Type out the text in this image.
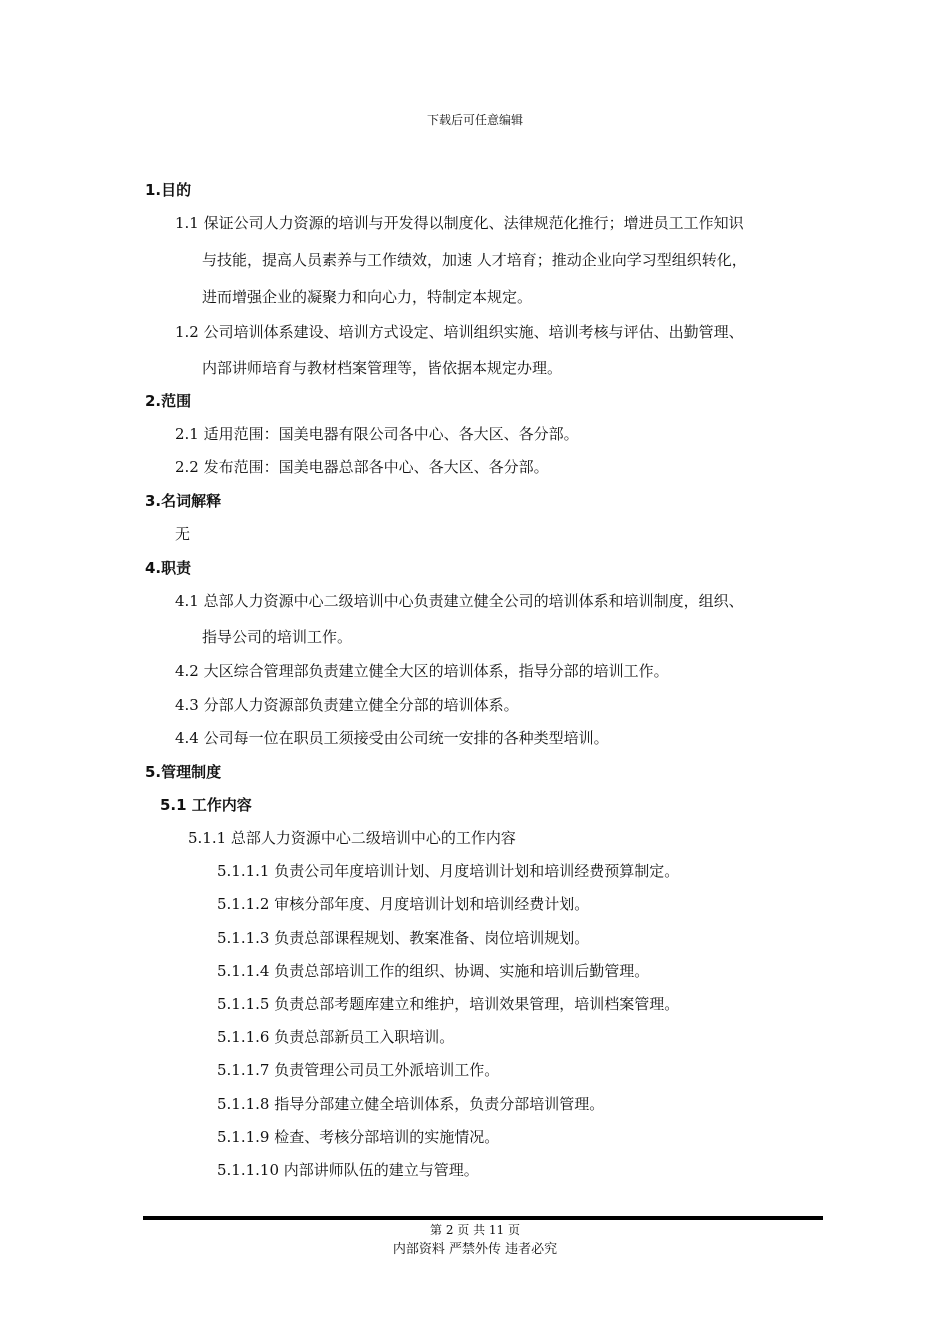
下载后可任意编辑
1.目的
1.1 保证公司人力资源的培训与开发得以制度化、法律规范化推行；增进员工工作知识
与技能，提高人员素养与工作绩效，加速 人才培育；推动企业向学习型组织转化，
进而增强企业的凝聚力和向心力，特制定本规定。
1.2 公司培训体系建设、培训方式设定、培训组织实施、培训考核与评估、出勤管理、
内部讲师培育与教材档案管理等，皆依据本规定办理。
2.范围
2.1 适用范围：国美电器有限公司各中心、各大区、各分部。
2.2 发布范围：国美电器总部各中心、各大区、各分部。
3.名词解释
无
4.职责
4.1 总部人力资源中心二级培训中心负责建立健全公司的培训体系和培训制度，组织、
指导公司的培训工作。
4.2 大区综合管理部负责建立健全大区的培训体系，指导分部的培训工作。
4.3 分部人力资源部负责建立健全分部的培训体系。
4.4 公司每一位在职员工须接受由公司统一安排的各种类型培训。
5.管理制度
5.1 工作内容
5.1.1 总部人力资源中心二级培训中心的工作内容
5.1.1.1 负责公司年度培训计划、月度培训计划和培训经费预算制定。
5.1.1.2 审核分部年度、月度培训计划和培训经费计划。
5.1.1.3 负责总部课程规划、教案准备、岗位培训规划。
5.1.1.4 负责总部培训工作的组织、协调、实施和培训后勤管理。
5.1.1.5 负责总部考题库建立和维护，培训效果管理，培训档案管理。
5.1.1.6 负责总部新员工入职培训。
5.1.1.7 负责管理公司员工外派培训工作。
5.1.1.8 指导分部建立健全培训体系，负责分部培训管理。
5.1.1.9 检查、考核分部培训的实施情况。
5.1.1.10 内部讲师队伍的建立与管理。
第 2 页 共 11 页
内部资料 严禁外传 违者必究
